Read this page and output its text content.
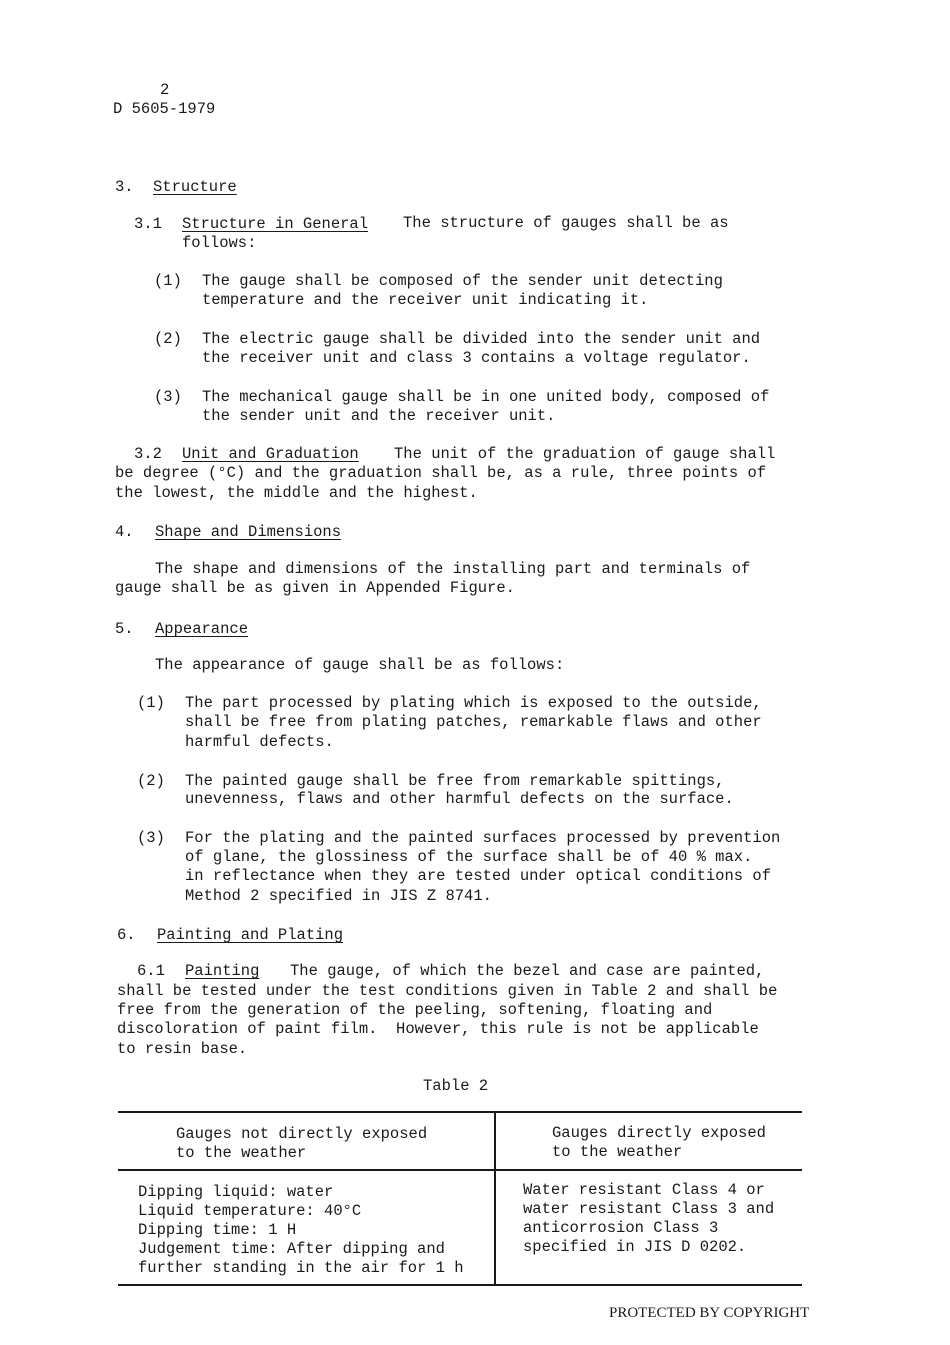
2
D 5605-1979
3. Structure
3.1 Structure in General The structure of gauges shall be as
follows:
(1) The gauge shall be composed of the sender unit detecting
temperature and the receiver unit indicating it.
(2) The electric gauge shall be divided into the sender unit and
the receiver unit and class 3 contains a voltage regulator.
(3) The mechanical gauge shall be in one united body, composed of
the sender unit and the receiver unit.
3.2 Unit and Graduation The unit of the graduation of gauge shall
be degree (°C) and the graduation shall be, as a rule, three points of
the lowest, the middle and the highest.
4. Shape and Dimensions
The shape and dimensions of the installing part and terminals of
gauge shall be as given in Appended Figure.
5. Appearance
The appearance of gauge shall be as follows:
(1) The part processed by plating which is exposed to the outside,
shall be free from plating patches, remarkable flaws and other
harmful defects.
(2) The painted gauge shall be free from remarkable spittings,
unevenness, flaws and other harmful defects on the surface.
(3) For the plating and the painted surfaces processed by prevention
of glane, the glossiness of the surface shall be of 40 % max.
in reflectance when they are tested under optical conditions of
Method 2 specified in JIS Z 8741.
6. Painting and Plating
6.1 Painting The gauge, of which the bezel and case are painted,
shall be tested under the test conditions given in Table 2 and shall be
free from the generation of the peeling, softening, floating and
discoloration of paint film.  However, this rule is not be applicable
to resin base.
Table 2
Gauges not directly exposed
to the weather
Gauges directly exposed
to the weather
Dipping liquid: water
Liquid temperature: 40°C
Dipping time: 1 H
Judgement time: After dipping and
further standing in the air for 1 h
Water resistant Class 4 or
water resistant Class 3 and
anticorrosion Class 3
specified in JIS D 0202.
PROTECTED BY COPYRIGHT
